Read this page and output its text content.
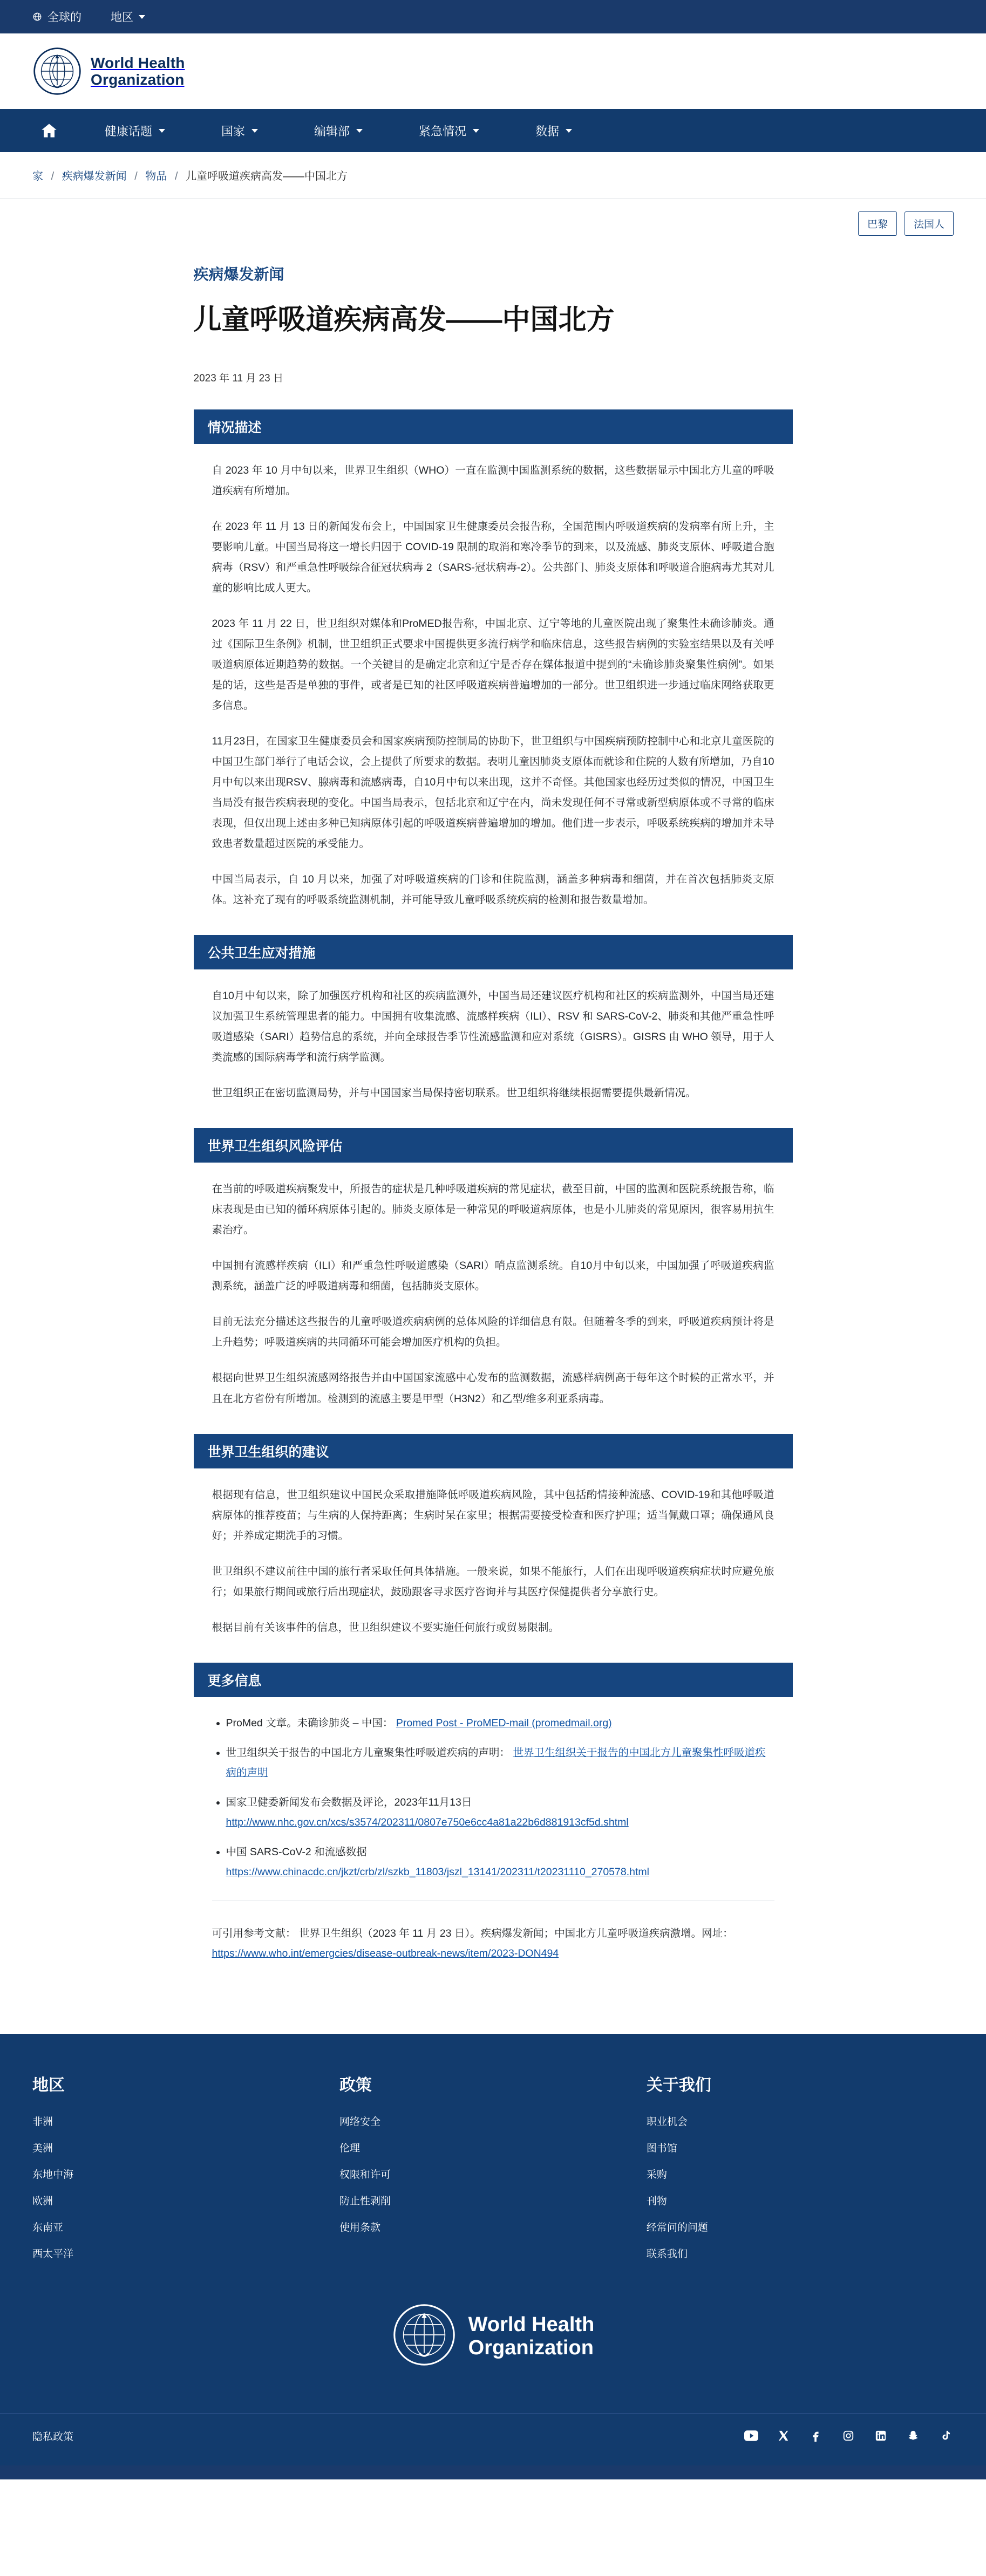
全球的	地区
World Health
Organization
健康话题	国家	编辑部	紧急情况	数据
家 / 疾病爆发新闻 / 物品 / 儿童呼吸道疾病高发——中国北方
巴黎	法国人
疾病爆发新闻
儿童呼吸道疾病高发——中国北方
2023 年 11 月 23 日
情况描述

自 2023 年 10 月中旬以来，世界卫生组织（WHO）一直在监测中国监测系统的数据，这些数据显示中国北方儿童的呼吸道疾病有所增加。

在 2023 年 11 月 13 日的新闻发布会上，中国国家卫生健康委员会报告称，全国范围内呼吸道疾病的发病率有所上升，主要影响儿童。中国当局将这一增长归因于 COVID-19 限制的取消和寒冷季节的到来，以及流感、肺炎支原体、呼吸道合胞病毒（RSV）和严重急性呼吸综合征冠状病毒 2（SARS-冠状病毒-2）。公共部门、肺炎支原体和呼吸道合胞病毒尤其对儿童的影响比成人更大。

2023 年 11 月 22 日，世卫组织对媒体和ProMED报告称，中国北京、辽宁等地的儿童医院出现了聚集性未确诊肺炎。通过《国际卫生条例》机制，世卫组织正式要求中国提供更多流行病学和临床信息，这些报告病例的实验室结果以及有关呼吸道病原体近期趋势的数据。一个关键目的是确定北京和辽宁是否存在媒体报道中提到的“未确诊肺炎聚集性病例”。如果是的话，这些是否是单独的事件，或者是已知的社区呼吸道疾病普遍增加的一部分。世卫组织进一步通过临床网络获取更多信息。

11月23日，在国家卫生健康委员会和国家疾病预防控制局的协助下，世卫组织与中国疾病预防控制中心和北京儿童医院的中国卫生部门举行了电话会议，会上提供了所要求的数据。表明儿童因肺炎支原体而就诊和住院的人数有所增加，乃自10月中旬以来出现RSV、腺病毒和流感病毒，自10月中旬以来出现，这并不奇怪。其他国家也经历过类似的情况，中国卫生当局没有报告疾病表现的变化。中国当局表示，包括北京和辽宁在内，尚未发现任何不寻常或新型病原体或不寻常的临床表现，但仅出现上述由多种已知病原体引起的呼吸道疾病普遍增加的增加。他们进一步表示，呼吸系统疾病的增加并未导致患者数量超过医院的承受能力。

中国当局表示，自 10 月以来，加强了对呼吸道疾病的门诊和住院监测，涵盖多种病毒和细菌，并在首次包括肺炎支原体。这补充了现有的呼吸系统监测机制，并可能导致儿童呼吸系统疾病的检测和报告数量增加。

公共卫生应对措施

自10月中旬以来，除了加强医疗机构和社区的疾病监测外，中国当局还建议医疗机构和社区的疾病监测外，中国当局还建议加强卫生系统管理患者的能力。中国拥有收集流感、流感样疾病（ILI）、RSV 和 SARS-CoV-2、肺炎和其他严重急性呼吸道感染（SARI）趋势信息的系统，并向全球报告季节性流感监测和应对系统（GISRS）。GISRS 由 WHO 领导，用于人类流感的国际病毒学和流行病学监测。

世卫组织正在密切监测局势，并与中国国家当局保持密切联系。世卫组织将继续根据需要提供最新情况。

世界卫生组织风险评估

在当前的呼吸道疾病聚发中，所报告的症状是几种呼吸道疾病的常见症状，截至目前，中国的监测和医院系统报告称，临床表现是由已知的循环病原体引起的。肺炎支原体是一种常见的呼吸道病原体，也是小儿肺炎的常见原因，很容易用抗生素治疗。

中国拥有流感样疾病（ILI）和严重急性呼吸道感染（SARI）哨点监测系统。自10月中旬以来，中国加强了呼吸道疾病监测系统，涵盖广泛的呼吸道病毒和细菌，包括肺炎支原体。

目前无法充分描述这些报告的儿童呼吸道疾病病例的总体风险的详细信息有限。但随着冬季的到来，呼吸道疾病预计将是上升趋势；呼吸道疾病的共同循环可能会增加医疗机构的负担。

根据向世界卫生组织流感网络报告并由中国国家流感中心发布的监测数据，流感样病例高于每年这个时候的正常水平，并且在北方省份有所增加。检测到的流感主要是甲型（H3N2）和乙型/维多利亚系病毒。

世界卫生组织的建议

根据现有信息，世卫组织建议中国民众采取措施降低呼吸道疾病风险，其中包括酌情接种流感、COVID-19和其他呼吸道病原体的推荐疫苗；与生病的人保持距离；生病时呆在家里；根据需要接受检查和医疗护理；适当佩戴口罩；确保通风良好；并养成定期洗手的习惯。

世卫组织不建议前往中国的旅行者采取任何具体措施。一般来说，如果不能旅行，人们在出现呼吸道疾病症状时应避免旅行；如果旅行期间或旅行后出现症状，鼓励跟客寻求医疗咨询并与其医疗保健提供者分享旅行史。

根据目前有关该事件的信息，世卫组织建议不要实施任何旅行或贸易限制。

更多信息
• ProMed 文章。未确诊肺炎 – 中国： Promed Post - ProMED-mail (promedmail.org)
• 世卫组织关于报告的中国北方儿童聚集性呼吸道疾病的声明： 世界卫生组织关于报告的中国北方儿童聚集性呼吸道疾病的声明
• 国家卫健委新闻发布会数据及评论，2023年11月13日
http://www.nhc.gov.cn/xcs/s3574/202311/0807e750e6cc4a81a22b6d881913cf5d.shtml
• 中国 SARS-CoV-2 和流感数据
https://www.chinacdc.cn/jkzt/crb/zl/szkb_11803/jszl_13141/202311/t20231110_270578.html
可引用参考文献： 世界卫生组织（2023 年 11 月 23 日）。疾病爆发新闻；中国北方儿童呼吸道疾病激增。网址：
https://www.who.int/emergcies/disease-outbreak-news/item/2023-DON494
地区
非洲
美洲
东地中海
欧洲
东南亚
西太平洋
政策
网络安全
伦理
权限和许可
防止性剥削
使用条款
关于我们
职业机会
图书馆
采购
刊物
经常问的问题
联系我们
World Health
Organization
隐私政策
